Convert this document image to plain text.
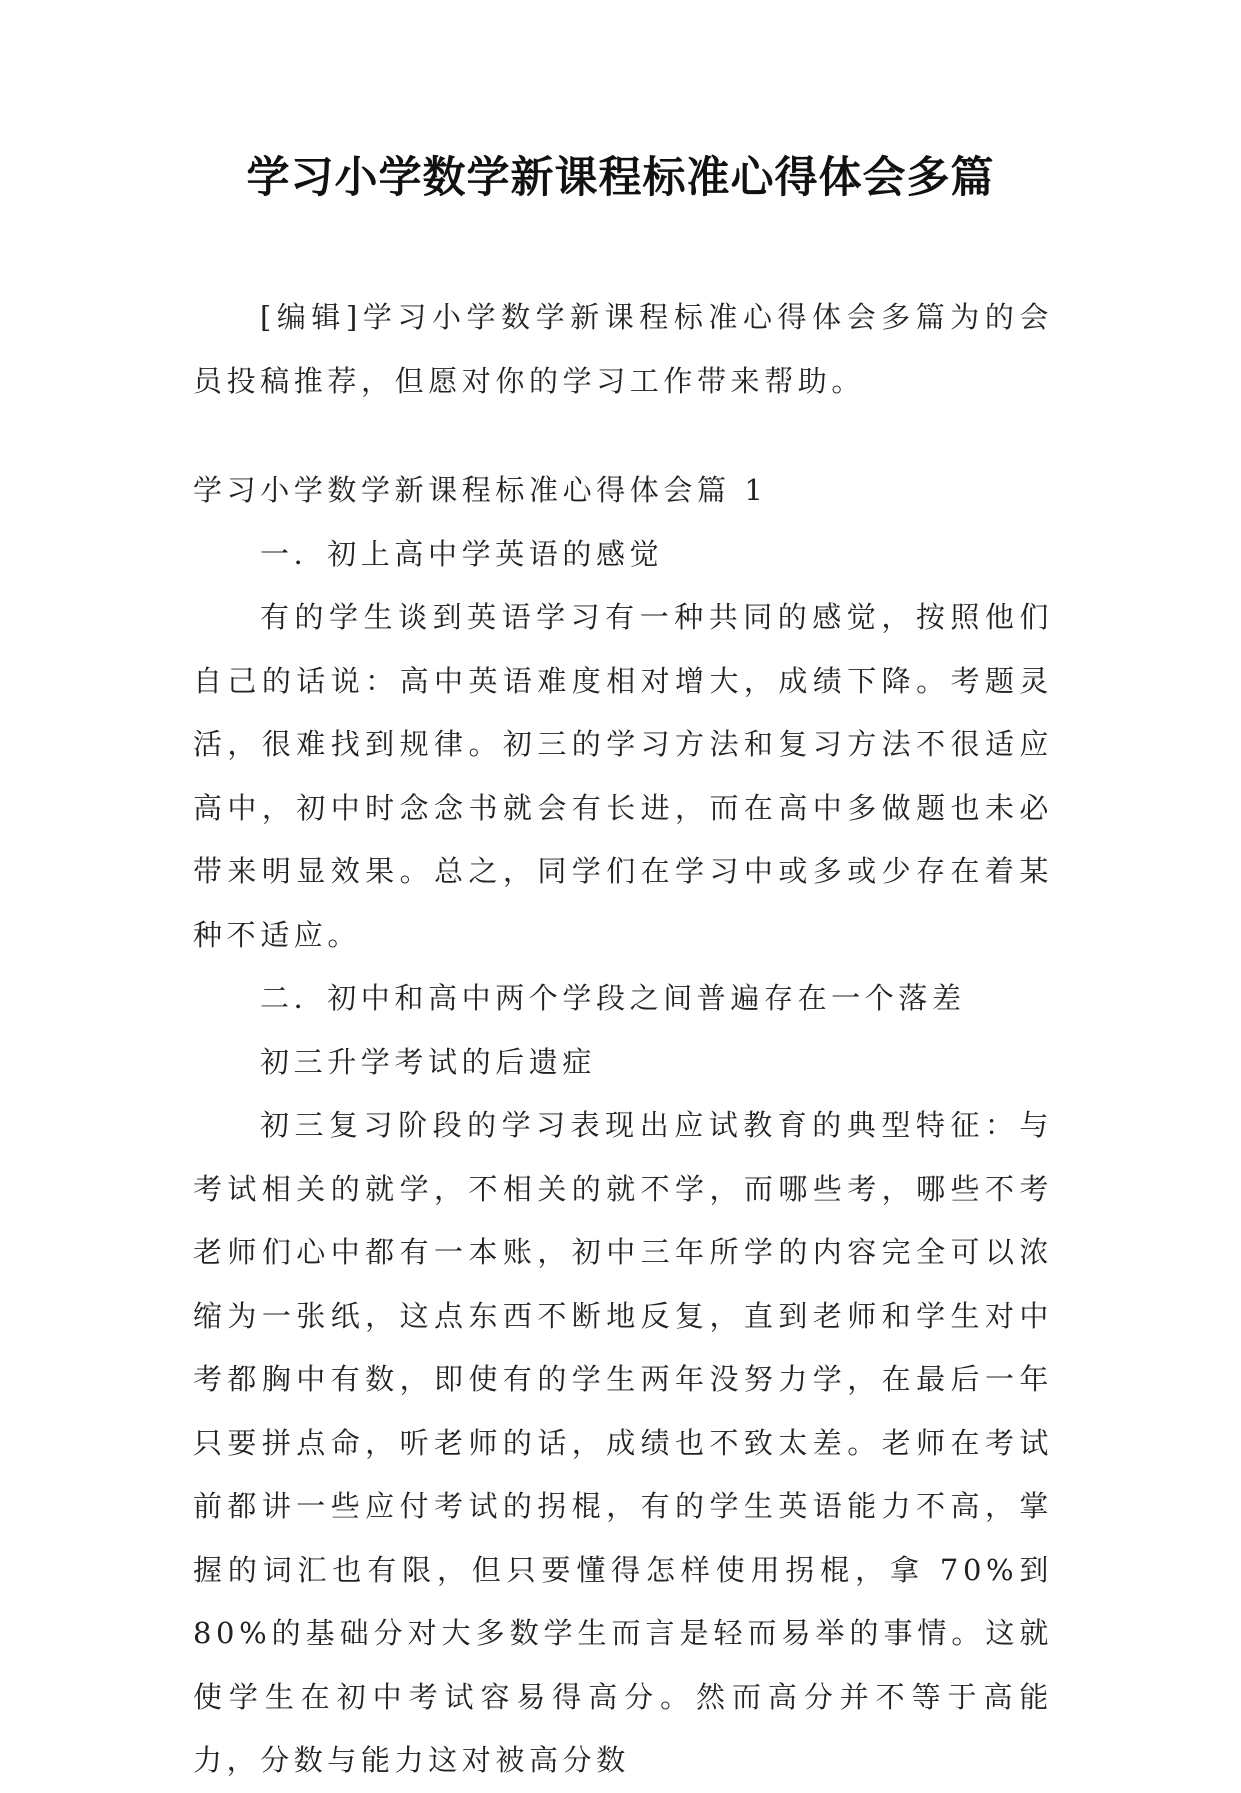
学习小学数学新课程标准心得体会多篇

[编辑]学习小学数学新课程标准心得体会多篇为的会员投稿推荐，但愿对你的学习工作带来帮助。

学习小学数学新课程标准心得体会篇 1

一．初上高中学英语的感觉

有的学生谈到英语学习有一种共同的感觉，按照他们自己的话说：高中英语难度相对增大，成绩下降。考题灵活，很难找到规律。初三的学习方法和复习方法不很适应高中，初中时念念书就会有长进，而在高中多做题也未必带来明显效果。总之，同学们在学习中或多或少存在着某种不适应。

二．初中和高中两个学段之间普遍存在一个落差

初三升学考试的后遗症

初三复习阶段的学习表现出应试教育的典型特征：与考试相关的就学，不相关的就不学，而哪些考，哪些不考老师们心中都有一本账，初中三年所学的内容完全可以浓缩为一张纸，这点东西不断地反复，直到老师和学生对中考都胸中有数，即使有的学生两年没努力学，在最后一年只要拼点命，听老师的话，成绩也不致太差。老师在考试前都讲一些应付考试的拐棍，有的学生英语能力不高，掌握的词汇也有限，但只要懂得怎样使用拐棍，拿 70%到 80%的基础分对大多数学生而言是轻而易举的事情。这就使学生在初中考试容易得高分。然而高分并不等于高能力，分数与能力这对被高分数
